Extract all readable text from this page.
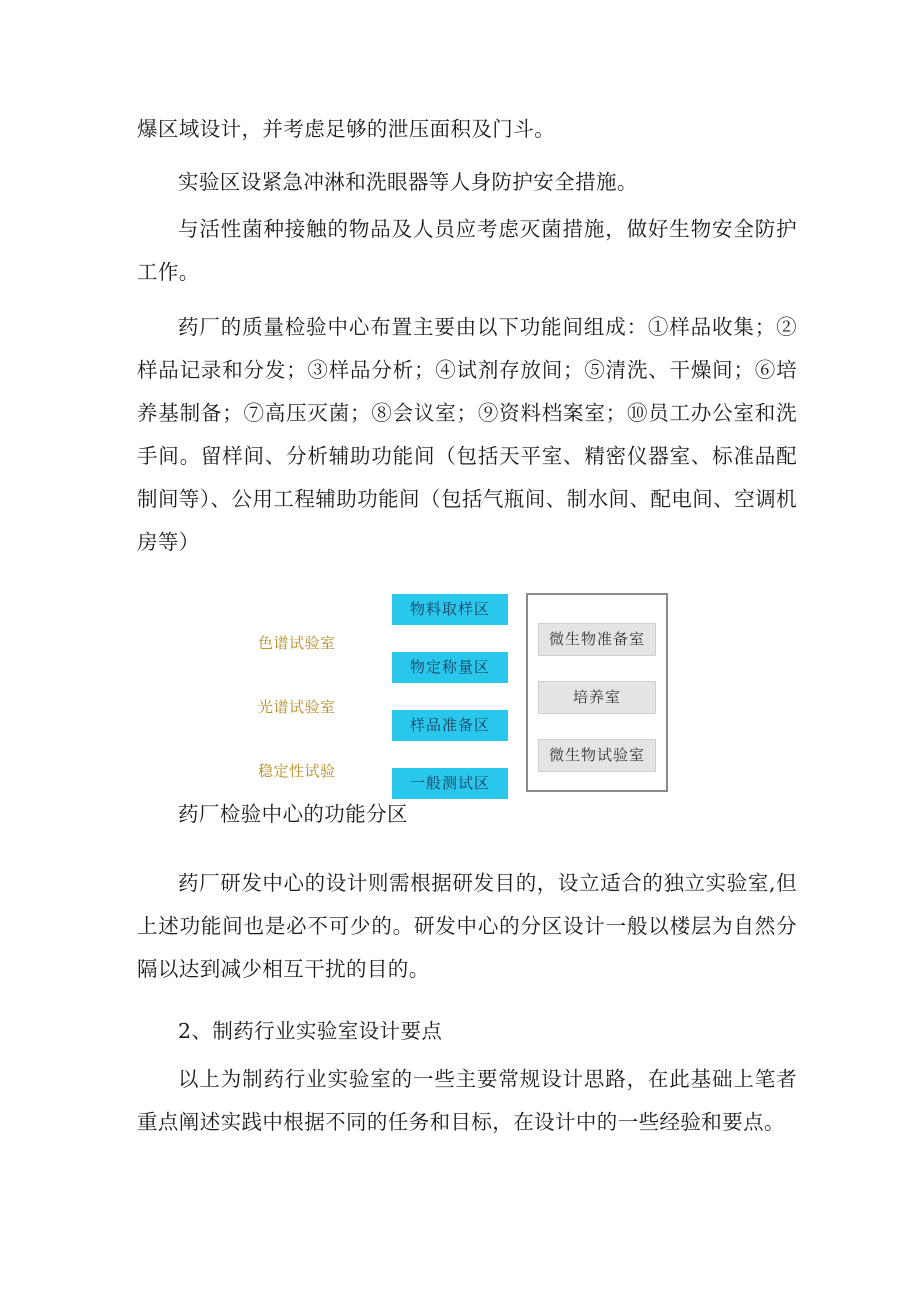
爆区域设计，并考虑足够的泄压面积及门斗。

实验区设紧急冲淋和洗眼器等人身防护安全措施。

与活性菌种接触的物品及人员应考虑灭菌措施，做好生物安全防护工作。

药厂的质量检验中心布置主要由以下功能间组成：①样品收集；②样品记录和分发；③样品分析；④试剂存放间；⑤清洗、干燥间；⑥培养基制备；⑦高压灭菌；⑧会议室；⑨资料档案室；⑩员工办公室和洗手间。留样间、分析辅助功能间（包括天平室、精密仪器室、标准品配制间等）、公用工程辅助功能间（包括气瓶间、制水间、配电间、空调机房等）

色谱试验室
光谱试验室
稳定性试验
物料取样区
物定称量区
样品准备区
一般测试区
微生物准备室
培养室
微生物试验室
药厂检验中心的功能分区

药厂研发中心的设计则需根据研发目的，设立适合的独立实验室,但上述功能间也是必不可少的。研发中心的分区设计一般以楼层为自然分隔以达到减少相互干扰的目的。

2、制药行业实验室设计要点

以上为制药行业实验室的一些主要常规设计思路，在此基础上笔者重点阐述实践中根据不同的任务和目标，在设计中的一些经验和要点。
